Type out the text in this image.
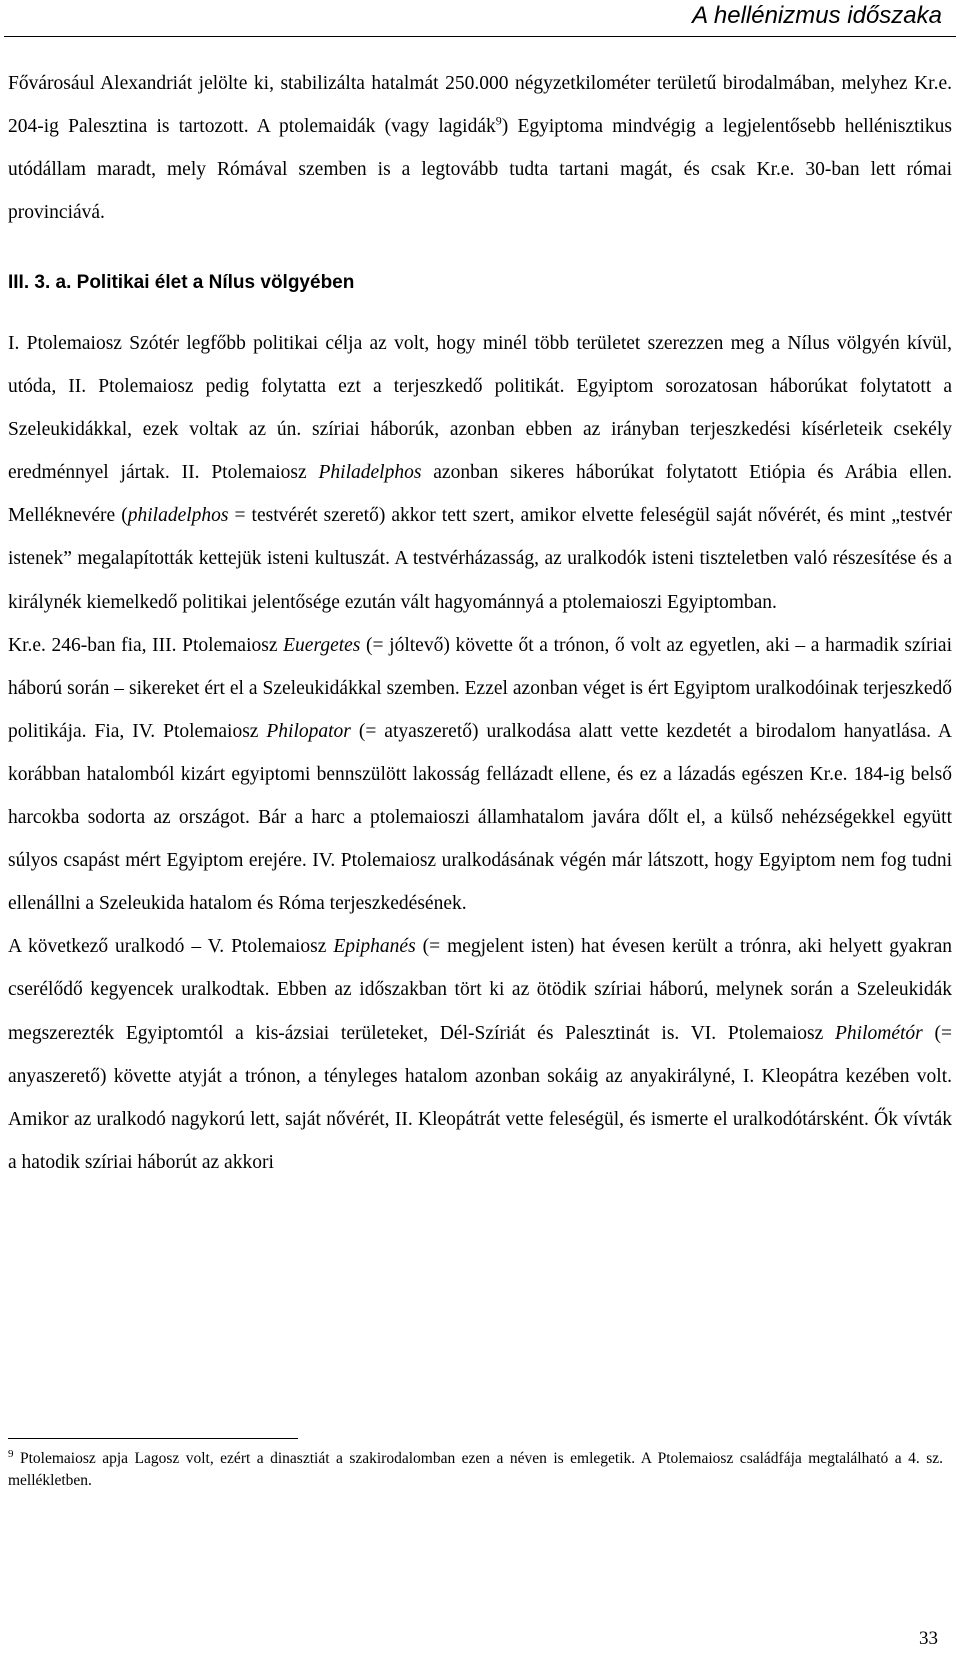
A hellénizmus időszaka

Fővárosául Alexandriát jelölte ki, stabilizálta hatalmát 250.000 négyzetkilométer területű birodalmában, melyhez Kr.e. 204-ig Palesztina is tartozott. A ptolemaidák (vagy lagidák$^9$) Egyiptoma mindvégig a legjelentősebb hellénisztikus utódállam maradt, mely Rómával szemben is a legtovább tudta tartani magát, és csak Kr.e. 30-ban lett római provinciává.

III. 3. a. Politikai élet a Nílus völgyében

I. Ptolemaiosz Szótér legfőbb politikai célja az volt, hogy minél több területet szerezzen meg a Nílus völgyén kívül, utóda, II. Ptolemaiosz pedig folytatta ezt a terjeszkedő politikát. Egyiptom sorozatosan háborúkat folytatott a Szeleukidákkal, ezek voltak az ún. szíriai háborúk, azonban ebben az irányban terjeszkedési kísérleteik csekély eredménnyel jártak. II. Ptolemaiosz Philadelphos azonban sikeres háborúkat folytatott Etiópia és Arábia ellen. Melléknevére (philadelphos = testvérét szerető) akkor tett szert, amikor elvette feleségül saját nővérét, és mint „testvér istenek” megalapították kettejük isteni kultuszát. A testvérházasság, az uralkodók isteni tiszteletben való részesítése és a királynék kiemelkedő politikai jelentősége ezután vált hagyománnyá a ptolemaioszi Egyiptomban.

Kr.e. 246-ban fia, III. Ptolemaiosz Euergetes (= jóltevő) követte őt a trónon, ő volt az egyetlen, aki – a harmadik szíriai háború során – sikereket ért el a Szeleukidákkal szemben. Ezzel azonban véget is ért Egyiptom uralkodóinak terjeszkedő politikája. Fia, IV. Ptolemaiosz Philopator (= atyaszerető) uralkodása alatt vette kezdetét a birodalom hanyatlása. A korábban hatalomból kizárt egyiptomi bennszülött lakosság fellázadt ellene, és ez a lázadás egészen Kr.e. 184-ig belső harcokba sodorta az országot. Bár a harc a ptolemaioszi államhatalom javára dőlt el, a külső nehézségekkel együtt súlyos csapást mért Egyiptom erejére. IV. Ptolemaiosz uralkodásának végén már látszott, hogy Egyiptom nem fog tudni ellenállni a Szeleukida hatalom és Róma terjeszkedésének.

A következő uralkodó – V. Ptolemaiosz Epiphanés (= megjelent isten) hat évesen került a trónra, aki helyett gyakran cserélődő kegyencek uralkodtak. Ebben az időszakban tört ki az ötödik szíriai háború, melynek során a Szeleukidák megszerezték Egyiptomtól a kis-ázsiai területeket, Dél-Szíriát és Palesztinát is. VI. Ptolemaiosz Philométór (= anyaszerető) követte atyját a trónon, a tényleges hatalom azonban sokáig az anyakirályné, I. Kleopátra kezében volt. Amikor az uralkodó nagykorú lett, saját nővérét, II. Kleopátrát vette feleségül, és ismerte el uralkodótársként. Ők vívták a hatodik szíriai háborút az akkori

$^9$ Ptolemaiosz apja Lagosz volt, ezért a dinasztiát a szakirodalomban ezen a néven is emlegetik. A Ptolemaiosz családfája megtalálható a 4. sz. mellékletben.
33
